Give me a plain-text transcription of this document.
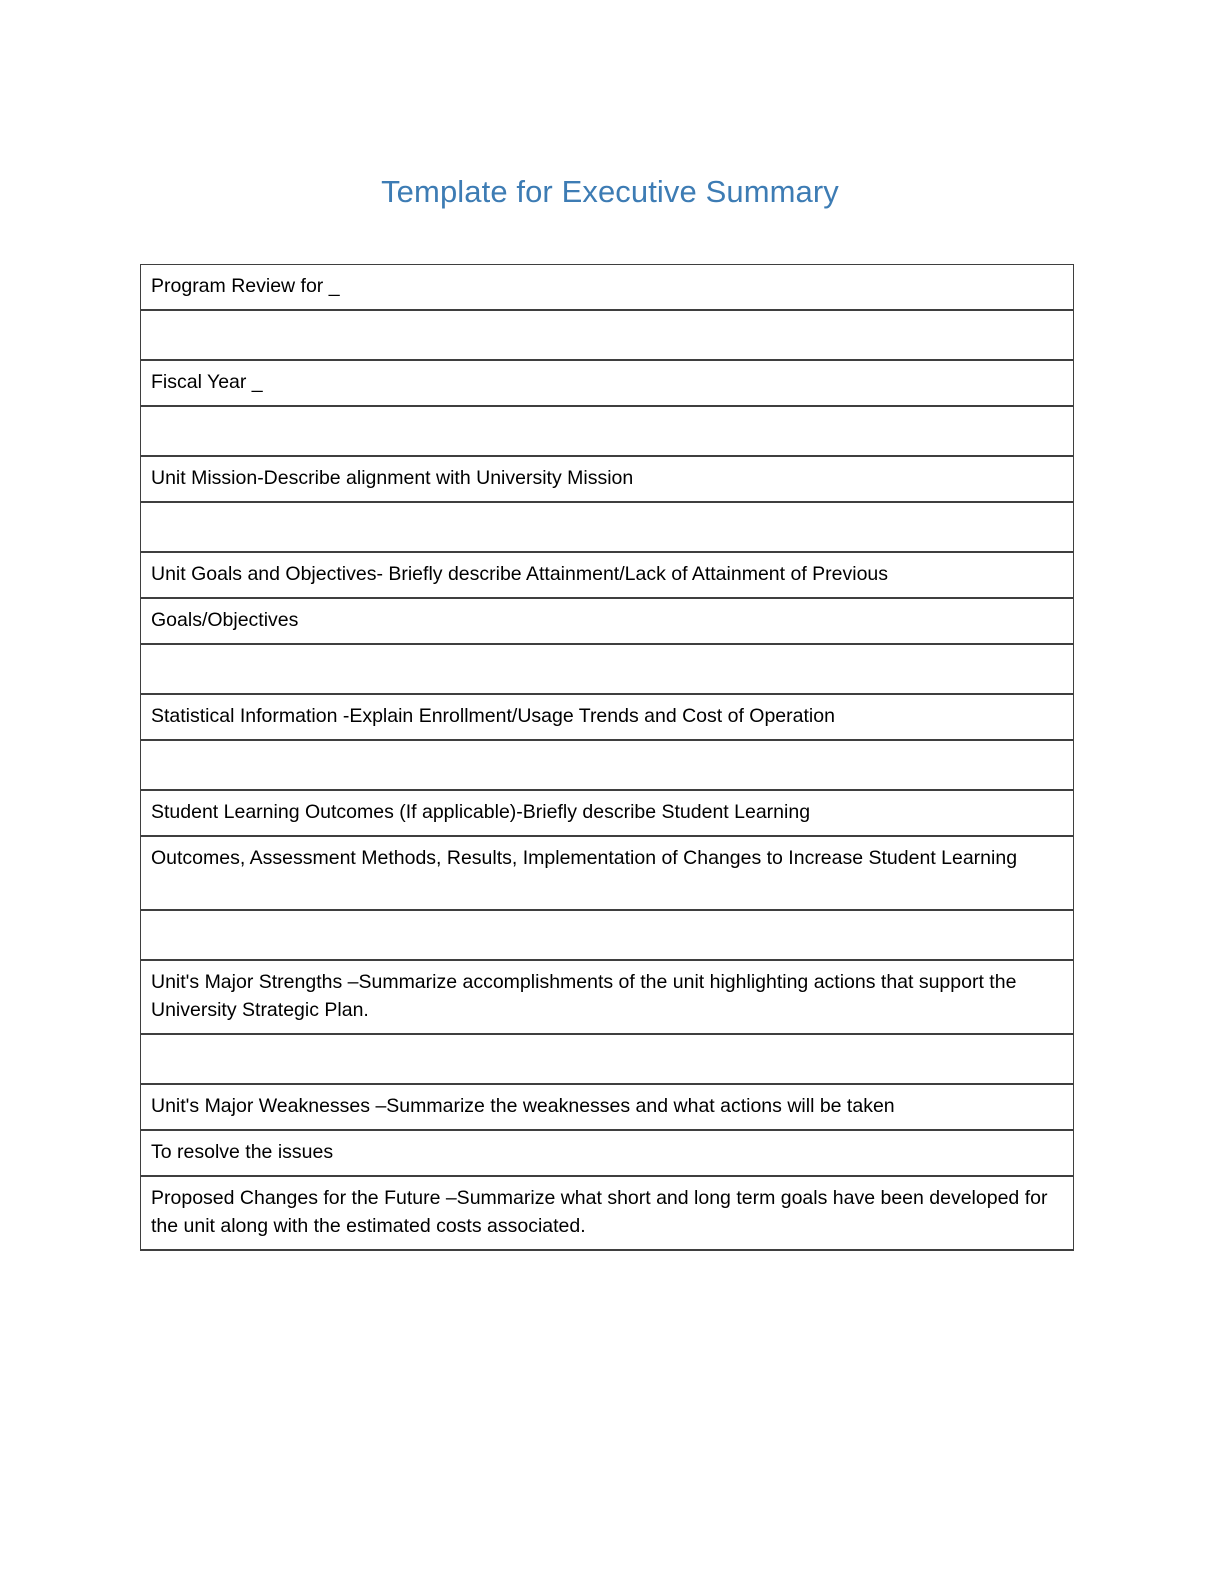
Template for Executive Summary
Program Review for _

Fiscal Year _

Unit Mission-Describe alignment with University Mission

Unit Goals and Objectives- Briefly describe Attainment/Lack of Attainment of Previous

Goals/Objectives

Statistical Information -Explain Enrollment/Usage Trends and Cost of Operation

Student Learning Outcomes (If applicable)-Briefly describe Student Learning

Outcomes, Assessment Methods, Results, Implementation of Changes to Increase Student Learning

Unit's Major Strengths –Summarize accomplishments of the unit highlighting actions that support the University Strategic Plan.

Unit's Major Weaknesses –Summarize the weaknesses and what actions will be taken

To resolve the issues

Proposed Changes for the Future –Summarize what short and long term goals have been developed for the unit along with the estimated costs associated.
